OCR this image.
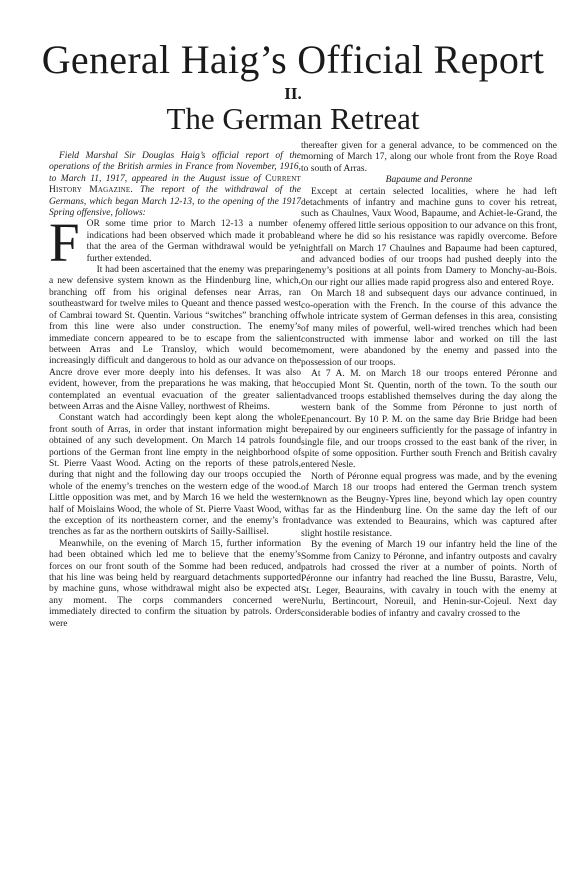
General Haig’s Official Report
II.
The German Retreat

Field Marshal Sir Douglas Haig’s official report of the operations of the British armies in France from November, 1916, to March 11, 1917, appeared in the August issue of Current History Magazine. The report of the withdrawal of the Germans, which began March 12-13, to the opening of the 1917 Spring offensive, follows:

FOR some time prior to March 12-13 a number of indications had been observed which made it probable that the area of the German withdrawal would be yet further extended.

It had been ascertained that the enemy was preparing a new defensive system known as the Hindenburg line, which, branching off from his original defenses near Arras, ran southeastward for twelve miles to Queant and thence passed west of Cambrai toward St. Quentin. Various “switches” branching off from this line were also under construction. The enemy’s immediate concern appeared to be to escape from the salient between Arras and Le Transloy, which would become increasingly difficult and dangerous to hold as our advance on the Ancre drove ever more deeply into his defenses. It was also evident, however, from the preparations he was making, that he contemplated an eventual evacuation of the greater salient between Arras and the Aisne Valley, northwest of Rheims.

Constant watch had accordingly been kept along the whole front south of Arras, in order that instant information might be obtained of any such development. On March 14 patrols found portions of the German front line empty in the neighborhood of St. Pierre Vaast Wood. Acting on the reports of these patrols, during that night and the following day our troops occupied the whole of the enemy’s trenches on the western edge of the wood. Little opposition was met, and by March 16 we held the western half of Moislains Wood, the whole of St. Pierre Vaast Wood, with the exception of its northeastern corner, and the enemy’s front trenches as far as the northern outskirts of Sailly-Saillisel.

Meanwhile, on the evening of March 15, further information had been obtained which led me to believe that the enemy’s forces on our front south of the Somme had been reduced, and that his line was being held by rearguard detachments supported by machine guns, whose withdrawal might also be expected at any moment. The corps commanders concerned were immediately directed to confirm the situation by patrols. Orders were

thereafter given for a general advance, to be commenced on the morning of March 17, along our whole front from the Roye Road to south of Arras.

Bapaume and Peronne

Except at certain selected localities, where he had left detachments of infantry and machine guns to cover his retreat, such as Chaulnes, Vaux Wood, Bapaume, and Achiet-le-Grand, the enemy offered little serious opposition to our advance on this front, and where he did so his resistance was rapidly overcome. Before nightfall on March 17 Chaulnes and Bapaume had been captured, and advanced bodies of our troops had pushed deeply into the enemy’s positions at all points from Damery to Monchy-au-Bois. On our right our allies made rapid progress also and entered Roye.

On March 18 and subsequent days our advance continued, in co-operation with the French. In the course of this advance the whole intricate system of German defenses in this area, consisting of many miles of powerful, well-wired trenches which had been constructed with immense labor and worked on till the last moment, were abandoned by the enemy and passed into the possession of our troops.

At 7 A. M. on March 18 our troops entered Péronne and occupied Mont St. Quentin, north of the town. To the south our advanced troops established themselves during the day along the western bank of the Somme from Péronne to just north of Epenancourt. By 10 P. M. on the same day Brie Bridge had been repaired by our engineers sufficiently for the passage of infantry in single file, and our troops crossed to the east bank of the river, in spite of some opposition. Further south French and British cavalry entered Nesle.

North of Péronne equal progress was made, and by the evening of March 18 our troops had entered the German trench system known as the Beugny-Ypres line, beyond which lay open country as far as the Hindenburg line. On the same day the left of our advance was extended to Beaurains, which was captured after slight hostile resistance.

By the evening of March 19 our infantry held the line of the Somme from Canizy to Péronne, and infantry outposts and cavalry patrols had crossed the river at a number of points. North of Péronne our infantry had reached the line Bussu, Barastre, Velu, St. Leger, Beaurains, with cavalry in touch with the enemy at Nurlu, Bertincourt, Noreuil, and Henin-sur-Cojeul. Next day considerable bodies of infantry and cavalry crossed to the
